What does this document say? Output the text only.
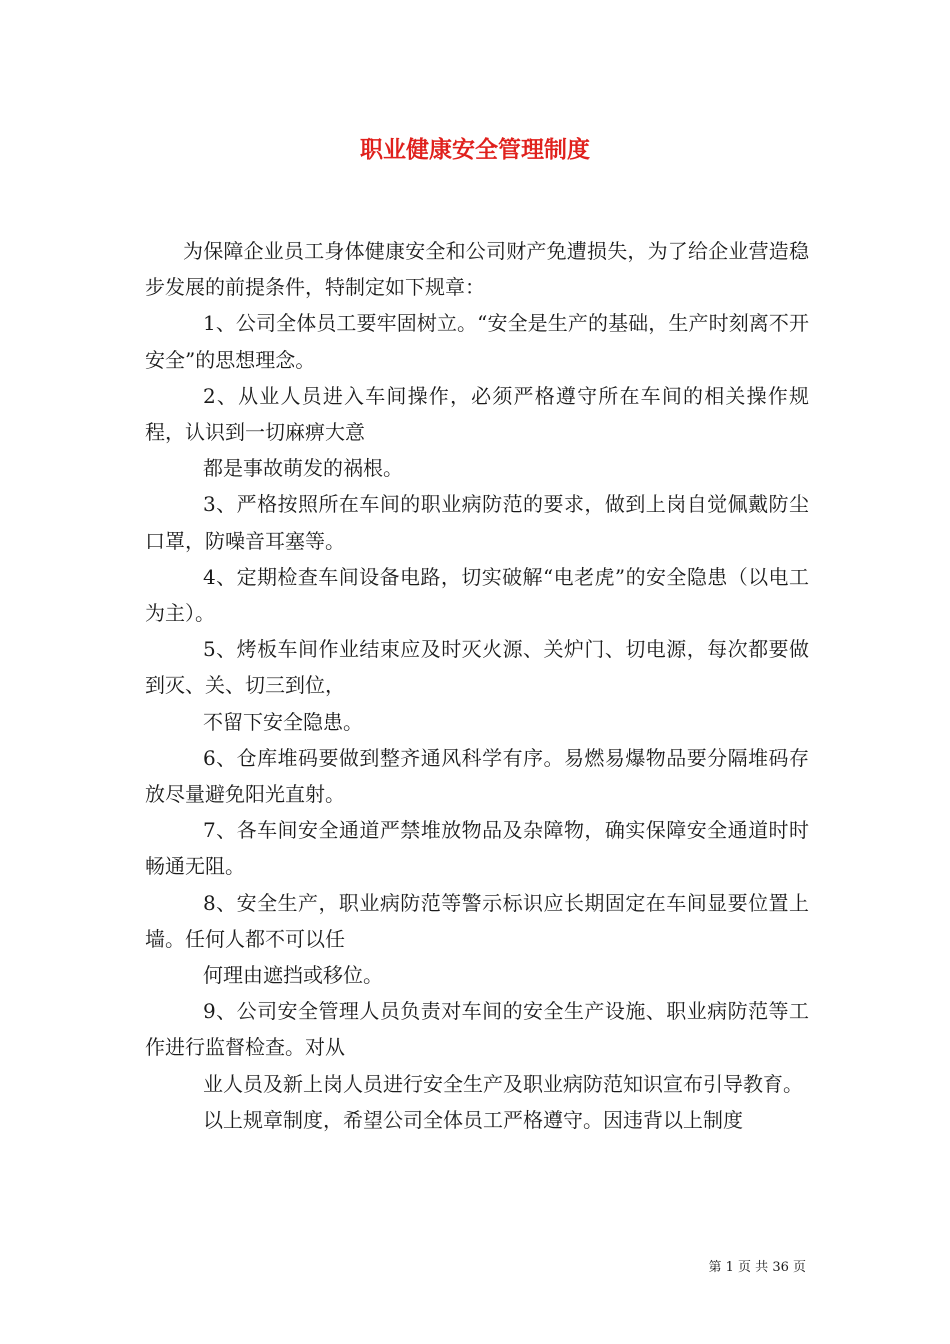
职业健康安全管理制度

为保障企业员工身体健康安全和公司财产免遭损失，为了给企业营造稳步发展的前提条件，特制定如下规章：

1、公司全体员工要牢固树立。“安全是生产的基础，生产时刻离不开安全”的思想理念。

2、从业人员进入车间操作，必须严格遵守所在车间的相关操作规程，认识到一切麻痹大意

都是事故萌发的祸根。

3、严格按照所在车间的职业病防范的要求，做到上岗自觉佩戴防尘口罩，防噪音耳塞等。

4、定期检查车间设备电路，切实破解“电老虎”的安全隐患（以电工为主）。

5、烤板车间作业结束应及时灭火源、关炉门、切电源，每次都要做到灭、关、切三到位，

不留下安全隐患。

6、仓库堆码要做到整齐通风科学有序。易燃易爆物品要分隔堆码存放尽量避免阳光直射。

7、各车间安全通道严禁堆放物品及杂障物，确实保障安全通道时时畅通无阻。

8、安全生产，职业病防范等警示标识应长期固定在车间显要位置上墙。任何人都不可以任

何理由遮挡或移位。

9、公司安全管理人员负责对车间的安全生产设施、职业病防范等工作进行监督检查。对从

业人员及新上岗人员进行安全生产及职业病防范知识宣布引导教育。

以上规章制度，希望公司全体员工严格遵守。因违背以上制度

第 1 页 共 36 页
